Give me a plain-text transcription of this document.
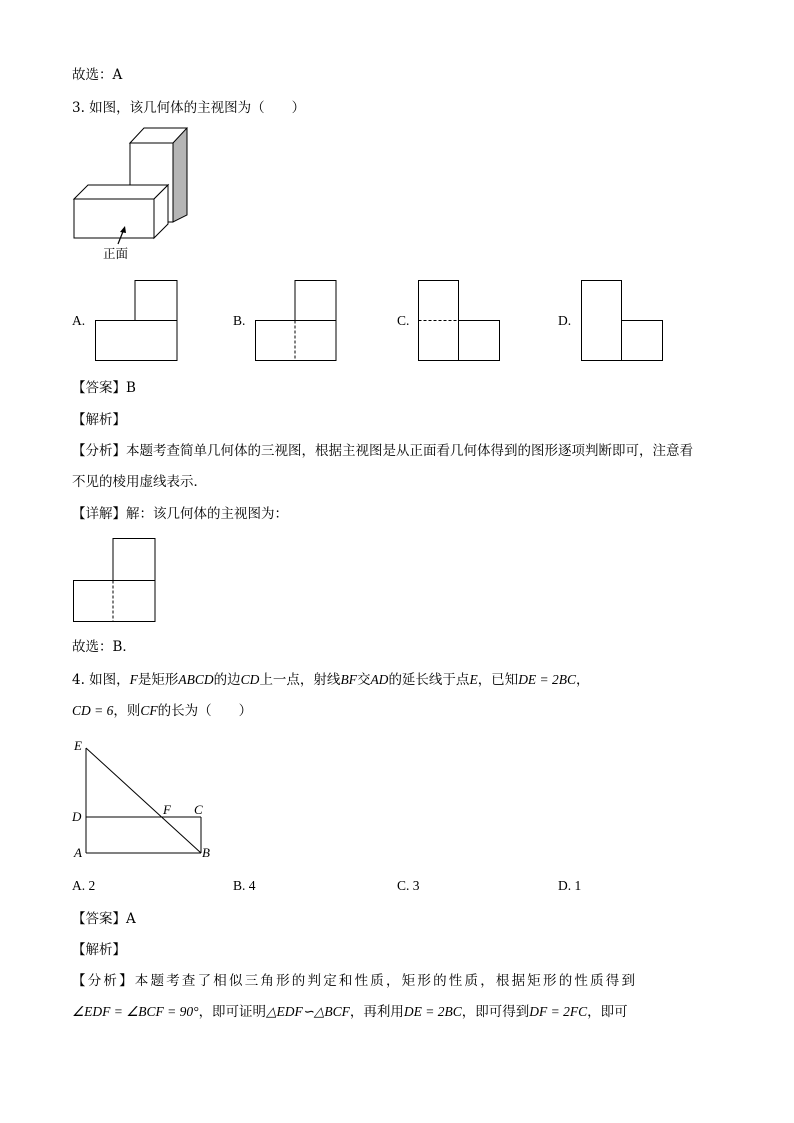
故选：A
3. 如图，该几何体的主视图为（　　）
正面
A.	B.	C.	D.
【答案】B
【解析】
【分析】本题考查简单几何体的三视图，根据主视图是从正面看几何体得到的图形逐项判断即可，注意看
不见的棱用虚线表示．
【详解】解：该几何体的主视图为：
故选：B．
4. 如图，F是矩形ABCD的边CD上一点，射线BF交AD的延长线于点E，已知DE = 2BC，
CD = 6，则CF的长为（　　）
E
D
A
F C
B
A. 2	B. 4	C. 3	D. 1
【答案】A
【解析】
【分析】本题考查了相似三角形的判定和性质，矩形的性质，根据矩形的性质得到
∠EDF = ∠BCF = 90°，即可证明△EDF∽△BCF，再利用DE = 2BC，即可得到DF = 2FC，即可
